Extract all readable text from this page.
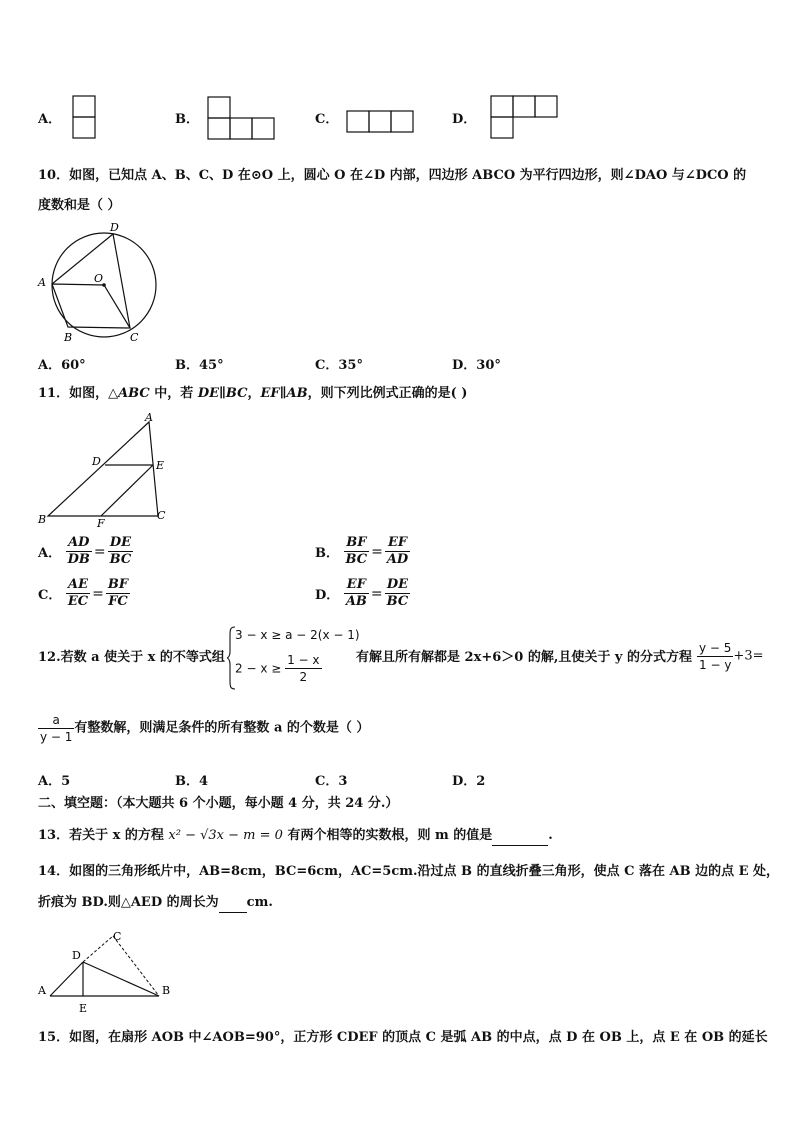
A．	B．	C．	D．
10．如图，已知点 A、B、C、D 在⊙O 上，圆心 O 在∠D 内部，四边形 ABCO 为平行四边形，则∠DAO 与∠DCO 的
度数和是（ ）
A
B	C
D
O
A．60°	B．45°	C．35°	D．30°
11．如图，△ABC 中，若 DE∥BC，EF∥AB，则下列比例式正确的是( )
A
B	C
D	E
F
A． $\frac{AD}{DB} = \frac{DE}{BC}$	B． $\frac{BF}{BC} = \frac{EF}{AD}$
C． $\frac{AE}{EC} = \frac{BF}{FC}$	D． $\frac{EF}{AB} = \frac{DE}{BC}$
12.若数 a 使关于 x 的不等式组
3 − x ≥ a − 2(x − 1)
$2 - x \ge \frac{1 - x}{2}$	有解且所有解都是 2x+6＞0 的解,且使关于 y 的分式方程 $\frac{y - 5}{1 - y} +3=$
$\frac{a}{y - 1}$ 有整数解，则满足条件的所有整数 a 的个数是（ ）
A．5	B．4	C．3	D．2
二、填空题：（本大题共 6 个小题，每小题 4 分，共 24 分.）
13．若关于 x 的方程 x² − √3x − m = 0 有两个相等的实数根，则 m 的值是	.
14．如图的三角形纸片中，AB=8cm，BC=6cm，AC=5cm.沿过点 B 的直线折叠三角形，使点 C 落在 AB 边的点 E 处，
折痕为 BD.则△AED 的周长为 cm.
A	B
C
D
E
15．如图，在扇形 AOB 中∠AOB=90°，正方形 CDEF 的顶点 C 是弧 AB 的中点，点 D 在 OB 上，点 E 在 OB 的延长
